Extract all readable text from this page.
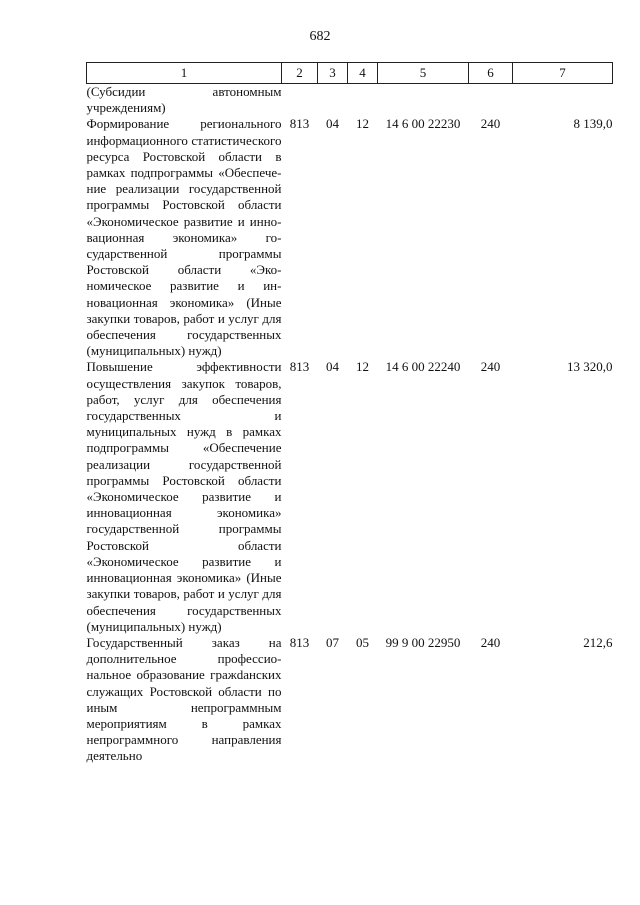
682
1	2	3	4	5	6	7
(Субсидии автономным учреждениям)						
Формирование регионального информационного статистического ресурса Ростовской области в рамках подпрограммы «Обеспечение реализации государственной программы Ростовской области «Экономическое развитие и инновационная экономика» государственной программы Ростовской области «Экономическое развитие и инновационная экономика» (Иные закупки товаров, работ и услуг для обеспечения государственных (муниципальных) нужд)	813	04	12	14 6 00 22230	240	8 139,0
Повышение эффективности осуществления закупок товаров, работ, услуг для обеспечения государственных и муниципальных нужд в рамках подпрограммы «Обеспечение реализации государственной программы Ростовской области «Экономическое развитие и инновационная экономика» государственной программы Ростовской области «Экономическое развитие и инновационная экономика» (Иные закупки товаров, работ и услуг для обеспечения государственных (муниципальных) нужд)	813	04	12	14 6 00 22240	240	13 320,0
Государственный заказ на дополнительное профессиональное образование гражdанских служащих Ростовской области по иным непрограммным мероприятиям в рамках непрограммного направления деятельно	813	07	05	99 9 00 22950	240	212,6
